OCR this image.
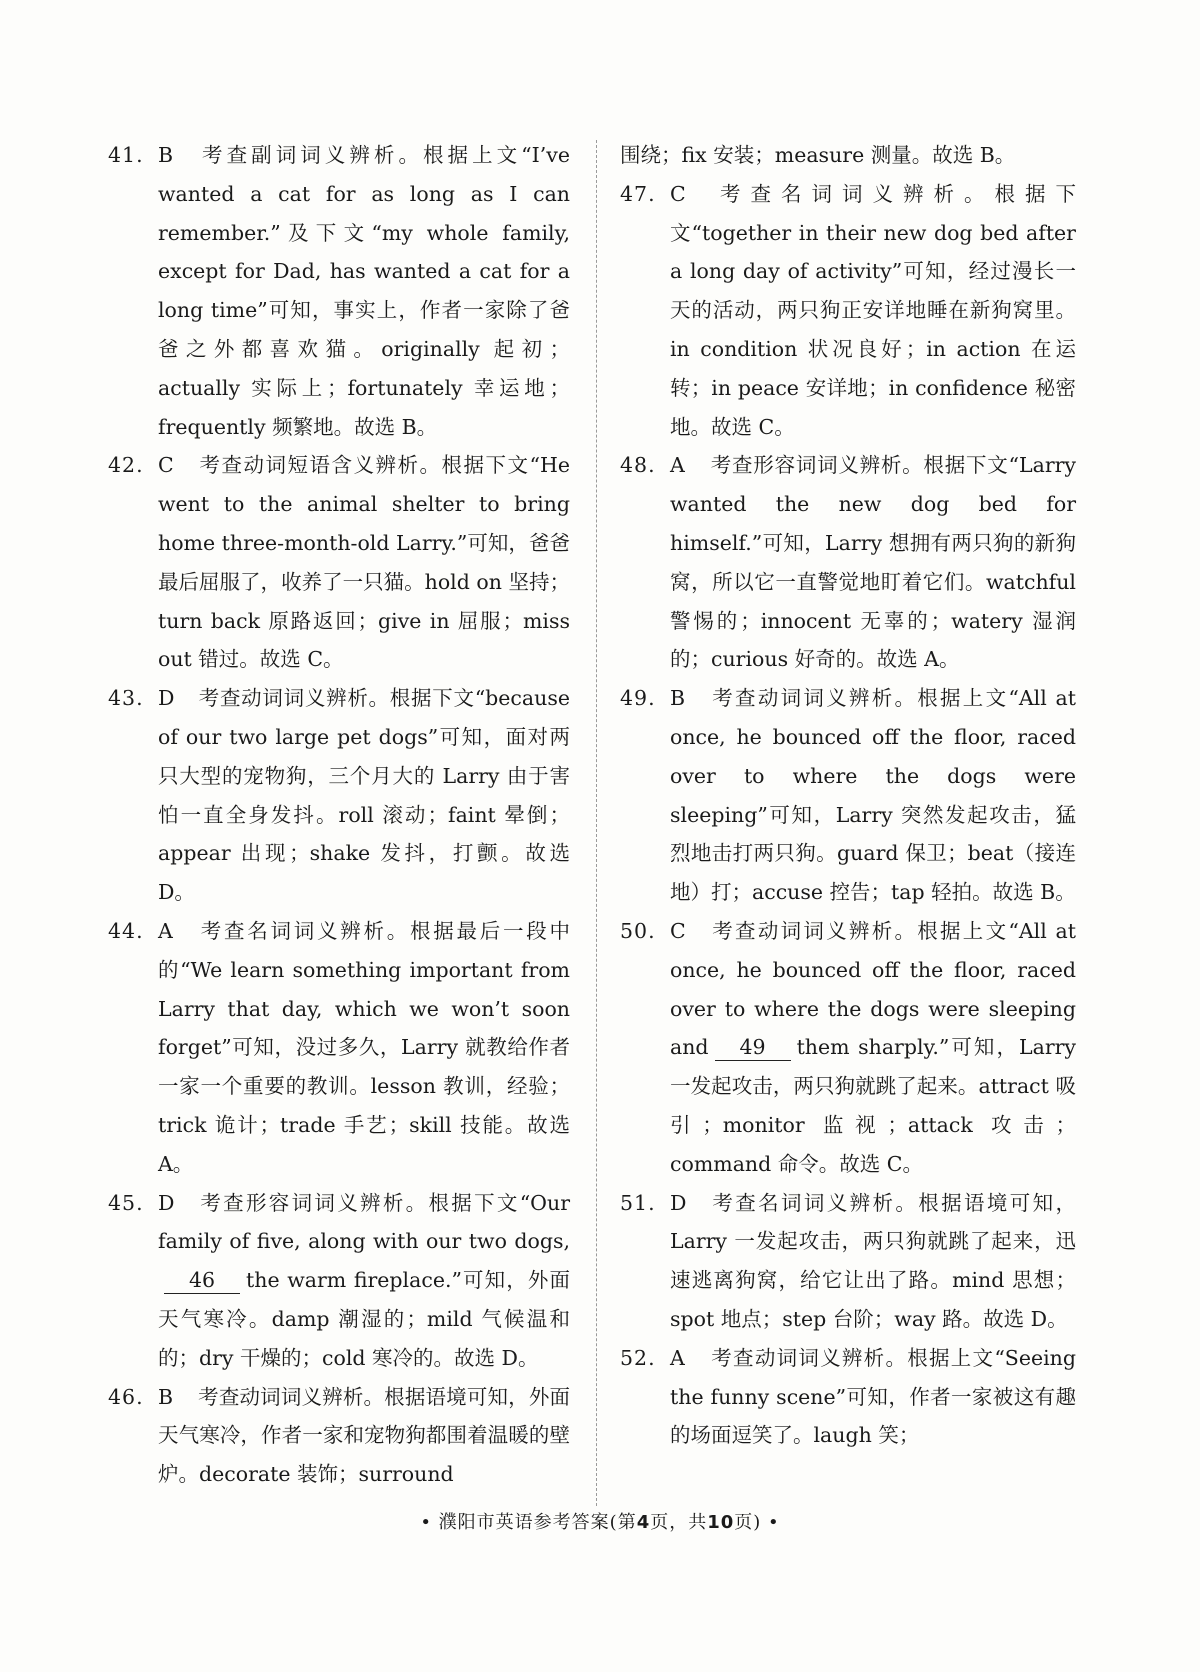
41. B 考查副词词义辨析。根据上文“I’ve wanted a cat for as long as I can remember.”及下文“my whole family, except for Dad, has wanted a cat for a long time”可知，事实上，作者一家除了爸爸之外都喜欢猫。originally 起初；actually 实际上；fortunately 幸运地；frequently 频繁地。故选 B。
42. C 考查动词短语含义辨析。根据下文“He went to the animal shelter to bring home three-month-old Larry.”可知，爸爸最后屈服了，收养了一只猫。hold on 坚持；turn back 原路返回；give in 屈服；miss out 错过。故选 C。
43. D 考查动词词义辨析。根据下文“because of our two large pet dogs”可知，面对两只大型的宠物狗，三个月大的 Larry 由于害怕一直全身发抖。roll 滚动；faint 晕倒；appear 出现；shake 发抖，打颤。故选 D。
44. A 考查名词词义辨析。根据最后一段中的“We learn something important from Larry that day, which we won’t soon forget”可知，没过多久，Larry 就教给作者一家一个重要的教训。lesson 教训，经验；trick 诡计；trade 手艺；skill 技能。故选 A。
45. D 考查形容词词义辨析。根据下文“Our family of five, along with our two dogs,46 the warm fireplace.”可知，外面天气寒冷。damp 潮湿的；mild 气候温和的；dry 干燥的；cold 寒冷的。故选 D。
46. B 考查动词词义辨析。根据语境可知，外面天气寒冷，作者一家和宠物狗都围着温暖的壁炉。decorate 装饰；surround

围绕；fix 安装；measure 测量。故选 B。

47. C 考查名词词义辨析。根据下文“together in their new dog bed after a long day of activity”可知，经过漫长一天的活动，两只狗正安详地睡在新狗窝里。in condition 状况良好；in action 在运转；in peace 安详地；in confidence 秘密地。故选 C。
48. A 考查形容词词义辨析。根据下文“Larry wanted the new dog bed for himself.”可知，Larry 想拥有两只狗的新狗窝，所以它一直警觉地盯着它们。watchful 警惕的；innocent 无辜的；watery 湿润的；curious 好奇的。故选 A。
49. B 考查动词词义辨析。根据上文“All at once, he bounced off the floor, raced over to where the dogs were sleeping”可知，Larry 突然发起攻击，猛烈地击打两只狗。guard 保卫；beat（接连地）打；accuse 控告；tap 轻拍。故选 B。
50. C 考查动词词义辨析。根据上文“All at once, he bounced off the floor, raced over to where the dogs were sleeping and 49 them sharply.”可知，Larry 一发起攻击，两只狗就跳了起来。attract 吸引；monitor 监视；attack 攻击；command 命令。故选 C。
51. D 考查名词词义辨析。根据语境可知，Larry 一发起攻击，两只狗就跳了起来，迅速逃离狗窝，给它让出了路。mind 思想；spot 地点；step 台阶；way 路。故选 D。
52. A 考查动词词义辨析。根据上文“Seeing the funny scene”可知，作者一家被这有趣的场面逗笑了。laugh 笑；
• 濮阳市英语参考答案(第4页，共10页) •
